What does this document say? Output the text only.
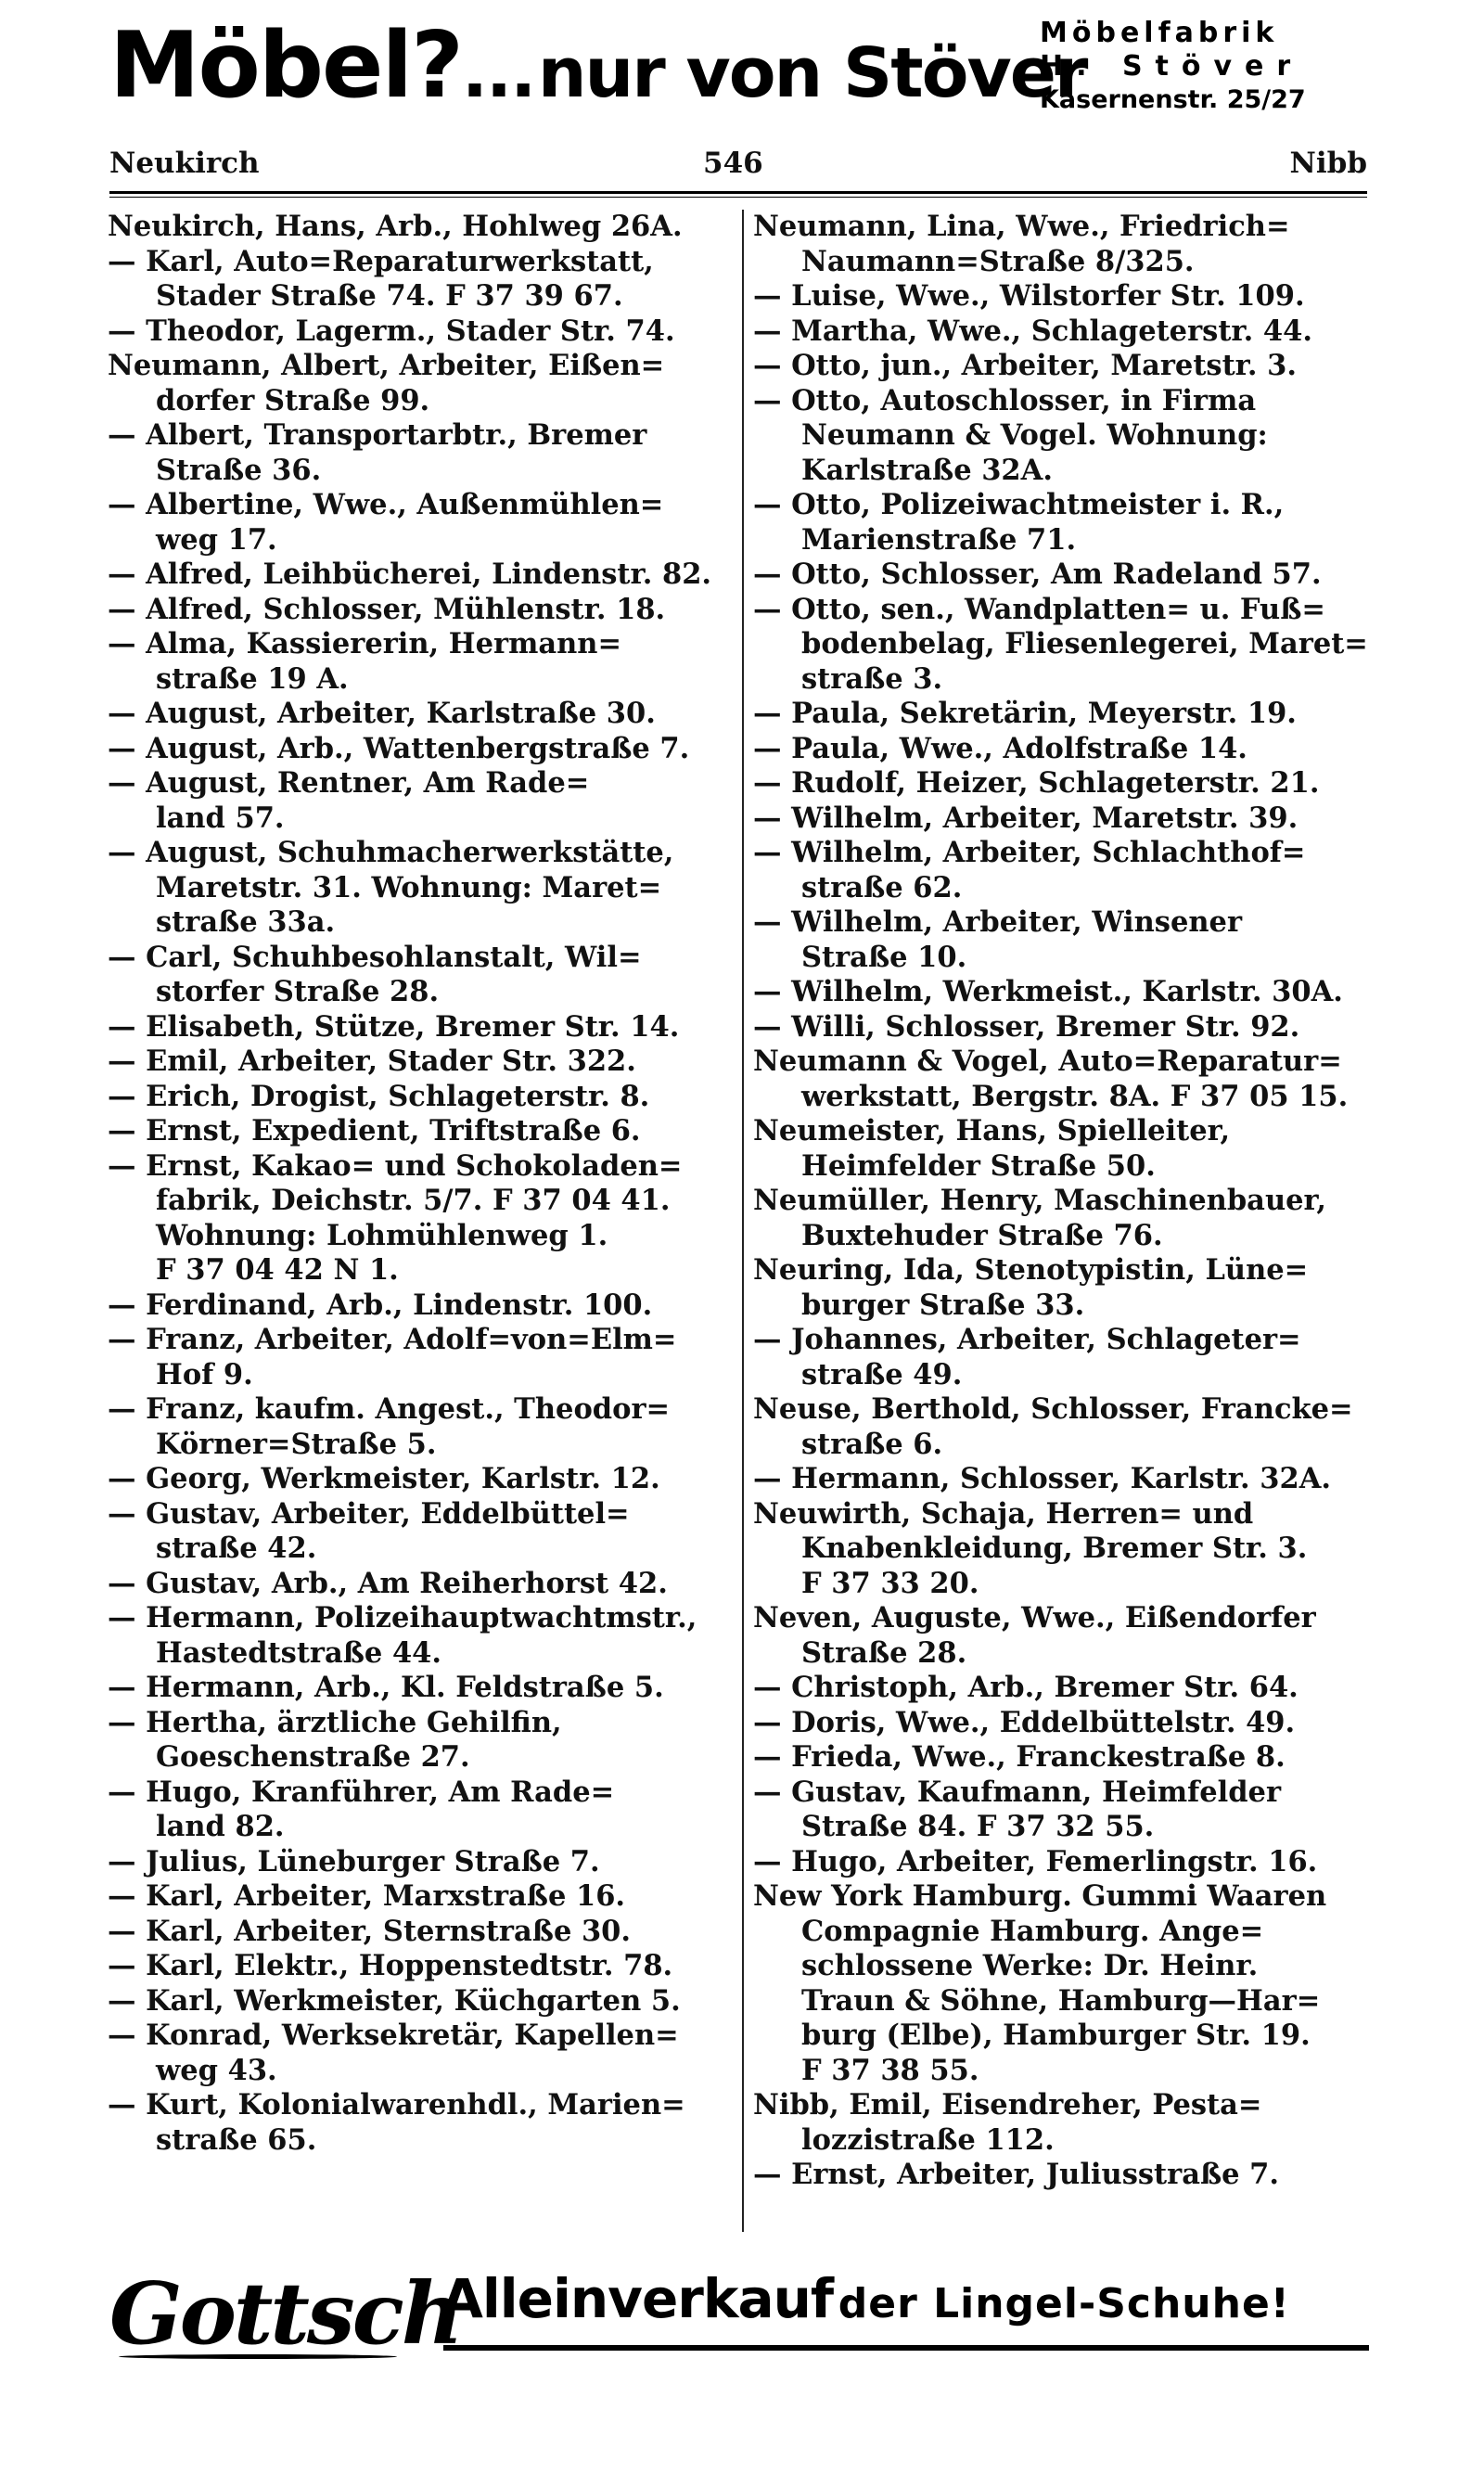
Möbel?... nur von Stöver
Möbelfabrik
H. Stöver
Kasernenstr. 25/27
Neukirch	546	Nibb
Neukirch, Hans, Arb., Hohlweg 26A.
— Karl, Auto=Reparaturwerkstatt,
Stader Straße 74. F 37 39 67.
— Theodor, Lagerm., Stader Str. 74.
Neumann, Albert, Arbeiter, Eißen=
dorfer Straße 99.
— Albert, Transportarbtr., Bremer
Straße 36.
— Albertine, Wwe., Außenmühlen=
weg 17.
— Alfred, Leihbücherei, Lindenstr. 82.
— Alfred, Schlosser, Mühlenstr. 18.
— Alma, Kassiererin, Hermann=
straße 19 A.
— August, Arbeiter, Karlstraße 30.
— August, Arb., Wattenbergstraße 7.
— August, Rentner, Am Rade=
land 57.
— August, Schuhmacherwerkstätte,
Maretstr. 31. Wohnung: Maret=
straße 33a.
— Carl, Schuhbesohlanstalt, Wil=
storfer Straße 28.
— Elisabeth, Stütze, Bremer Str. 14.
— Emil, Arbeiter, Stader Str. 322.
— Erich, Drogist, Schlageterstr. 8.
— Ernst, Expedient, Triftstraße 6.
— Ernst, Kakao= und Schokoladen=
fabrik, Deichstr. 5/7. F 37 04 41.
Wohnung: Lohmühlenweg 1.
F 37 04 42 N 1.
— Ferdinand, Arb., Lindenstr. 100.
— Franz, Arbeiter, Adolf=von=Elm=
Hof 9.
— Franz, kaufm. Angest., Theodor=
Körner=Straße 5.
— Georg, Werkmeister, Karlstr. 12.
— Gustav, Arbeiter, Eddelbüttel=
straße 42.
— Gustav, Arb., Am Reiherhorst 42.
— Hermann, Polizeihauptwachtmstr.,
Hastedtstraße 44.
— Hermann, Arb., Kl. Feldstraße 5.
— Hertha, ärztliche Gehilfin,
Goeschenstraße 27.
— Hugo, Kranführer, Am Rade=
land 82.
— Julius, Lüneburger Straße 7.
— Karl, Arbeiter, Marxstraße 16.
— Karl, Arbeiter, Sternstraße 30.
— Karl, Elektr., Hoppenstedtstr. 78.
— Karl, Werkmeister, Küchgarten 5.
— Konrad, Werksekretär, Kapellen=
weg 43.
— Kurt, Kolonialwarenhdl., Marien=
straße 65.
Neumann, Lina, Wwe., Friedrich=
Naumann=Straße 8/325.
— Luise, Wwe., Wilstorfer Str. 109.
— Martha, Wwe., Schlageterstr. 44.
— Otto, jun., Arbeiter, Maretstr. 3.
— Otto, Autoschlosser, in Firma
Neumann & Vogel. Wohnung:
Karlstraße 32A.
— Otto, Polizeiwachtmeister i. R.,
Marienstraße 71.
— Otto, Schlosser, Am Radeland 57.
— Otto, sen., Wandplatten= u. Fuß=
bodenbelag, Fliesenlegerei, Maret=
straße 3.
— Paula, Sekretärin, Meyerstr. 19.
— Paula, Wwe., Adolfstraße 14.
— Rudolf, Heizer, Schlageterstr. 21.
— Wilhelm, Arbeiter, Maretstr. 39.
— Wilhelm, Arbeiter, Schlachthof=
straße 62.
— Wilhelm, Arbeiter, Winsener
Straße 10.
— Wilhelm, Werkmeist., Karlstr. 30A.
— Willi, Schlosser, Bremer Str. 92.
Neumann & Vogel, Auto=Reparatur=
werkstatt, Bergstr. 8A. F 37 05 15.
Neumeister, Hans, Spielleiter,
Heimfelder Straße 50.
Neumüller, Henry, Maschinenbauer,
Buxtehuder Straße 76.
Neuring, Ida, Stenotypistin, Lüne=
burger Straße 33.
— Johannes, Arbeiter, Schlageter=
straße 49.
Neuse, Berthold, Schlosser, Francke=
straße 6.
— Hermann, Schlosser, Karlstr. 32A.
Neuwirth, Schaja, Herren= und
Knabenkleidung, Bremer Str. 3.
F 37 33 20.
Neven, Auguste, Wwe., Eißendorfer
Straße 28.
— Christoph, Arb., Bremer Str. 64.
— Doris, Wwe., Eddelbüttelstr. 49.
— Frieda, Wwe., Franckestraße 8.
— Gustav, Kaufmann, Heimfelder
Straße 84. F 37 32 55.
— Hugo, Arbeiter, Femerlingstr. 16.
New York Hamburg. Gummi Waaren
Compagnie Hamburg. Ange=
schlossene Werke: Dr. Heinr.
Traun & Söhne, Hamburg—Har=
burg (Elbe), Hamburger Str. 19.
F 37 38 55.
Nibb, Emil, Eisendreher, Pesta=
lozzistraße 112.
— Ernst, Arbeiter, Juliusstraße 7.
Gottsch
Alleinverkauf der Lingel-Schuhe!
